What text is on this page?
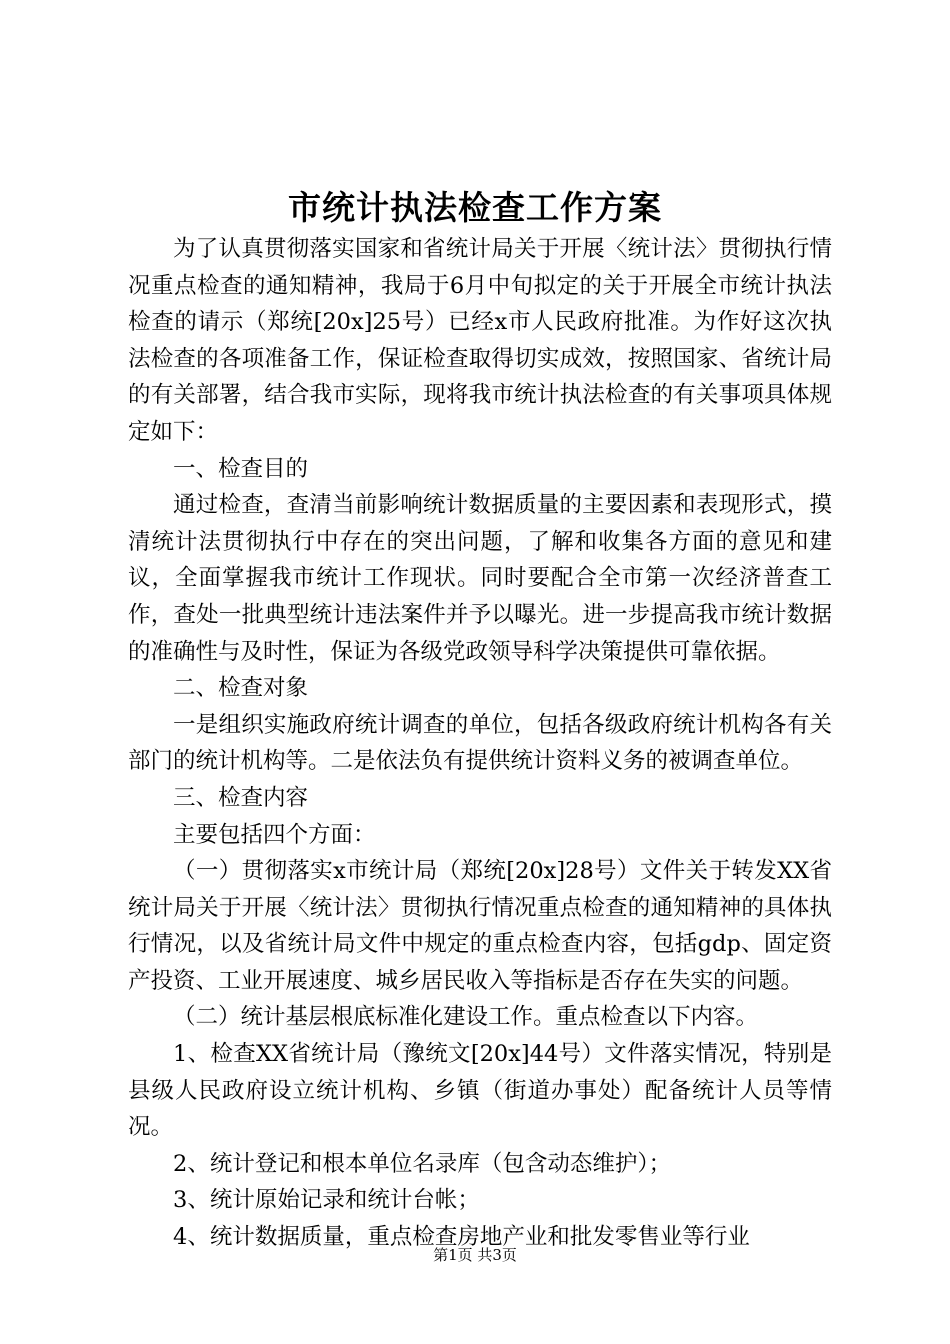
市统计执法检查工作方案

为了认真贯彻落实国家和省统计局关于开展〈统计法〉贯彻执行情况重点检查的通知精神，我局于6月中旬拟定的关于开展全市统计执法检查的请示（郑统[20x]25号）已经x市人民政府批准。为作好这次执法检查的各项准备工作，保证检查取得切实成效，按照国家、省统计局的有关部署，结合我市实际，现将我市统计执法检查的有关事项具体规定如下：

一、检查目的

通过检查，查清当前影响统计数据质量的主要因素和表现形式，摸清统计法贯彻执行中存在的突出问题，了解和收集各方面的意见和建议，全面掌握我市统计工作现状。同时要配合全市第一次经济普查工作，查处一批典型统计违法案件并予以曝光。进一步提高我市统计数据的准确性与及时性，保证为各级党政领导科学决策提供可靠依据。

二、检查对象

一是组织实施政府统计调查的单位，包括各级政府统计机构各有关部门的统计机构等。二是依法负有提供统计资料义务的被调查单位。

三、检查内容

主要包括四个方面：

（一）贯彻落实x市统计局（郑统[20x]28号）文件关于转发XX省统计局关于开展〈统计法〉贯彻执行情况重点检查的通知精神的具体执行情况，以及省统计局文件中规定的重点检查内容，包括gdp、固定资产投资、工业开展速度、城乡居民收入等指标是否存在失实的问题。

（二）统计基层根底标准化建设工作。重点检查以下内容。

1、检查XX省统计局（豫统文[20x]44号）文件落实情况，特别是县级人民政府设立统计机构、乡镇（街道办事处）配备统计人员等情况。

2、统计登记和根本单位名录库（包含动态维护）；

3、统计原始记录和统计台帐；

4、统计数据质量，重点检查房地产业和批发零售业等行业

第1页 共3页
